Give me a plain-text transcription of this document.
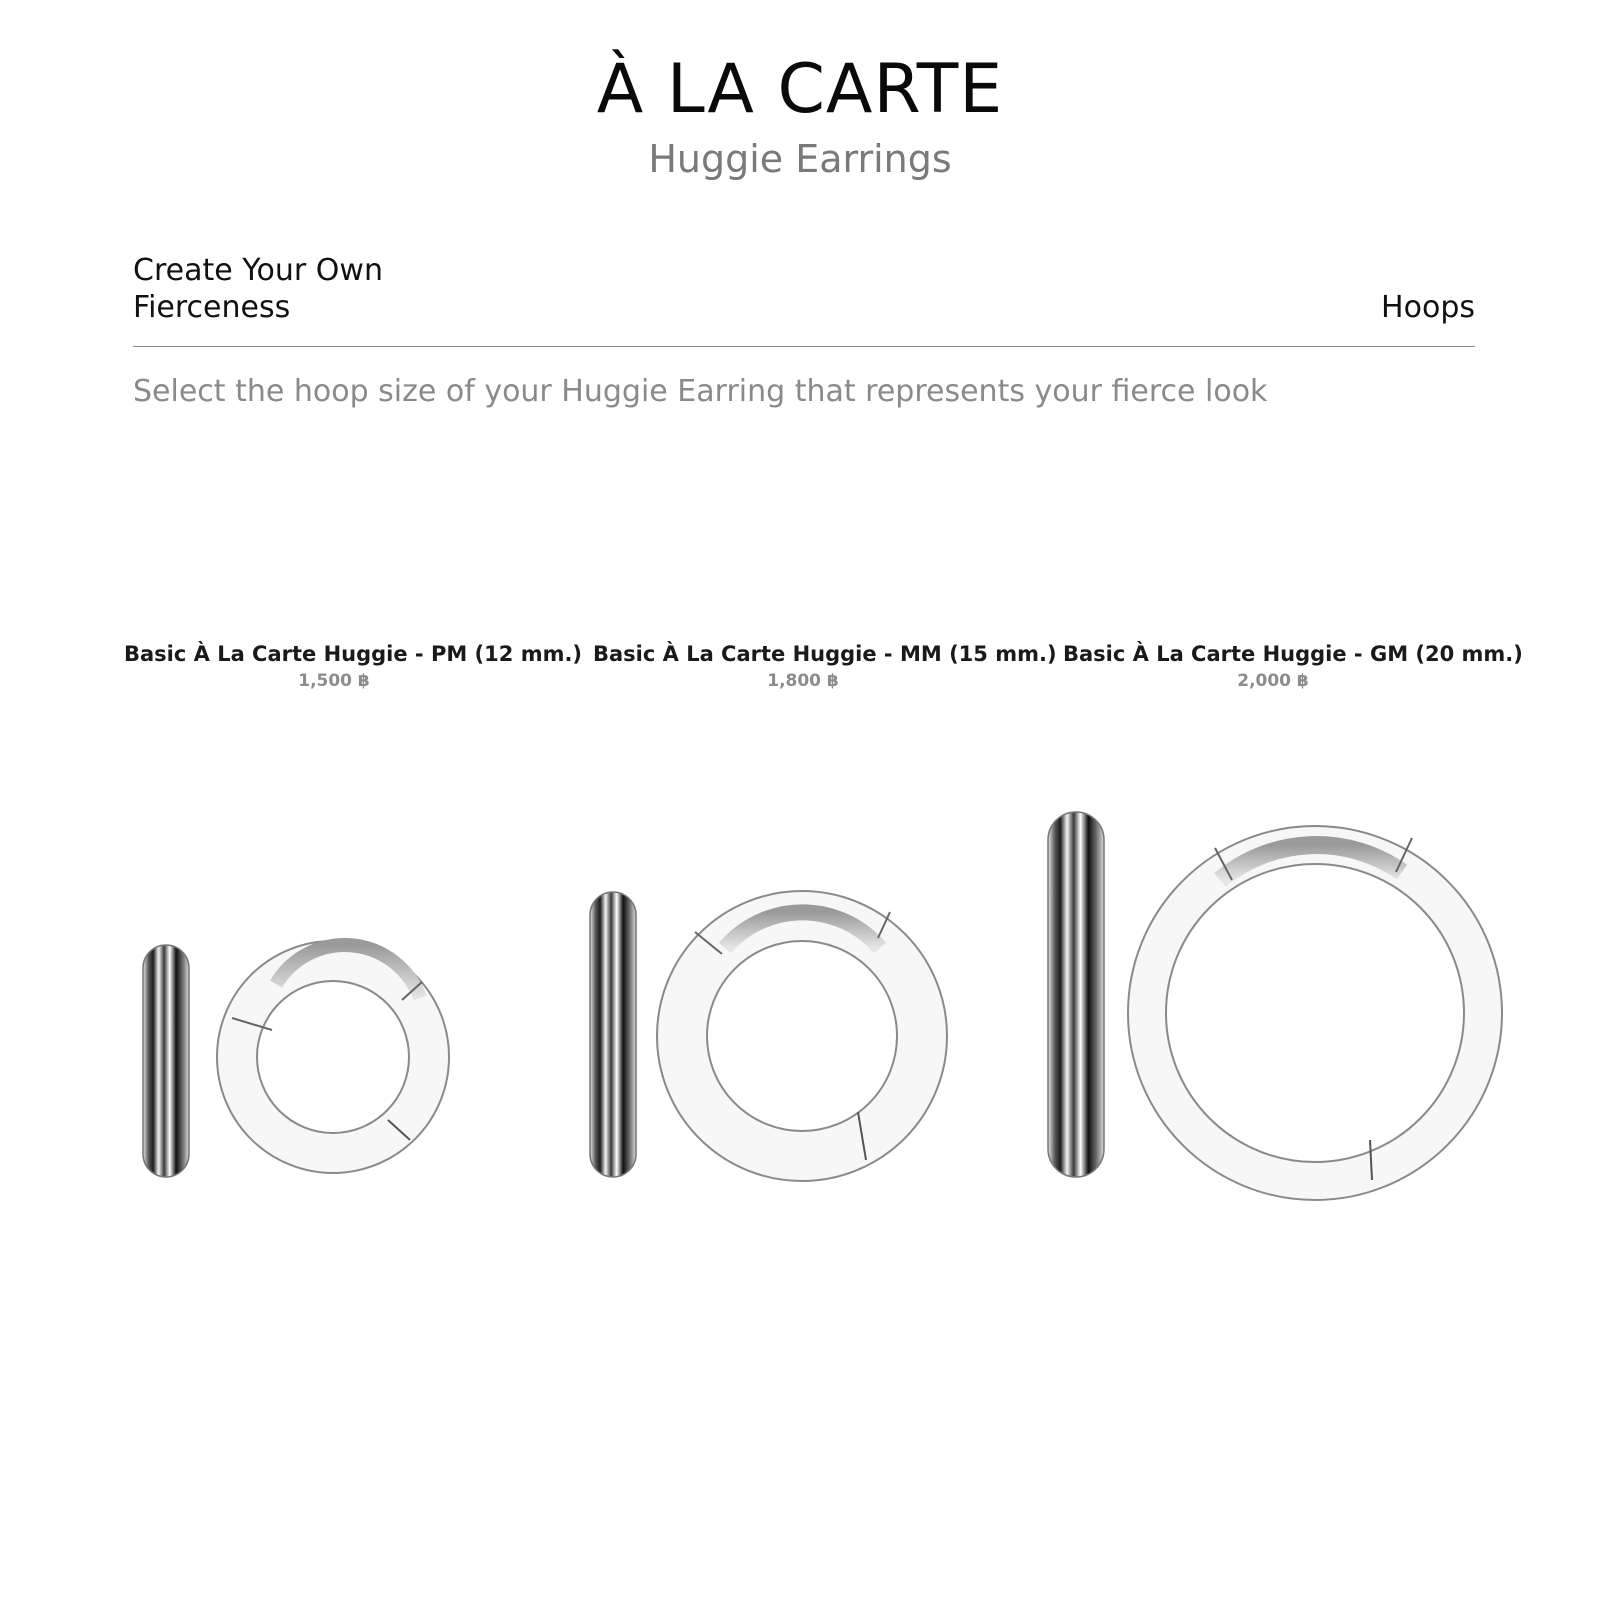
À LA CARTE
Huggie Earrings
Create Your Own
Fierceness	Hoops
Select the hoop size of your Huggie Earring that represents your fierce look
Basic À La Carte Huggie - PM (12 mm.)
1,500 ฿
Basic À La Carte Huggie - MM (15 mm.)
1,800 ฿
Basic À La Carte Huggie - GM (20 mm.)
2,000 ฿
